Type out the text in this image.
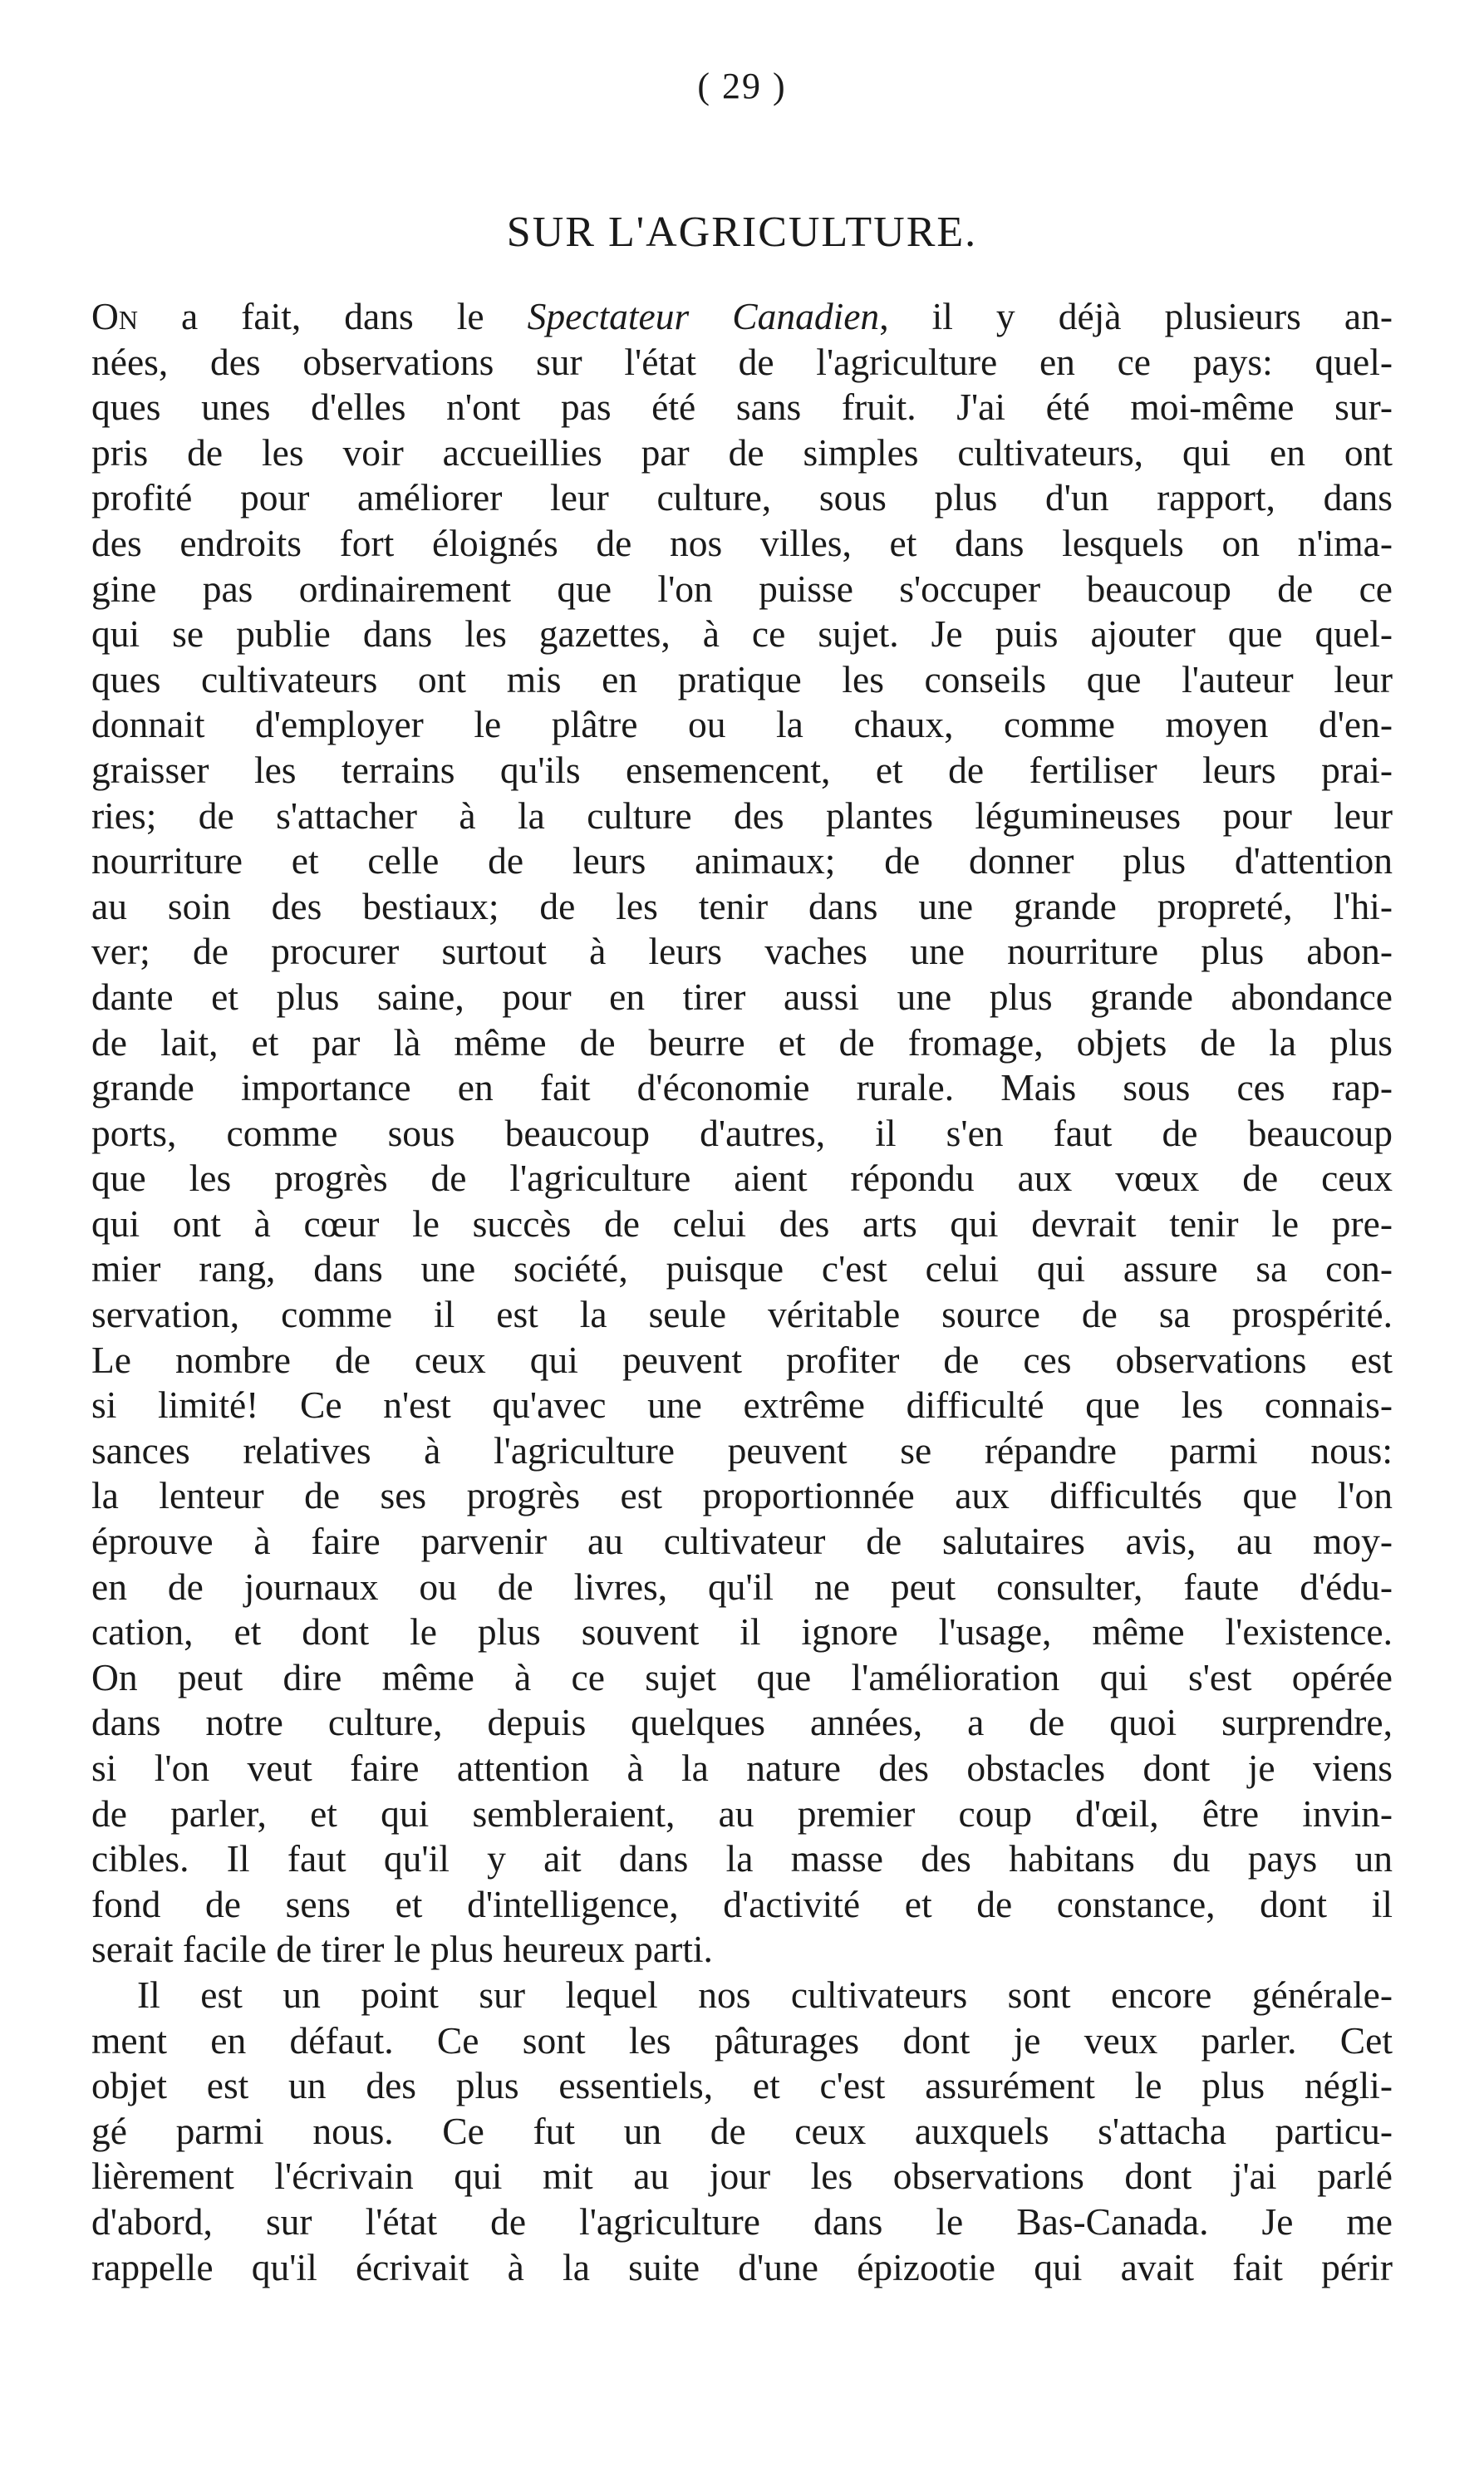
( 29 )
SUR L'AGRICULTURE.
On a fait, dans le Spectateur Canadien, il y déjà plusieurs an-
nées, des observations sur l'état de l'agriculture en ce pays: quel-
ques unes d'elles n'ont pas été sans fruit. J'ai été moi-même sur-
pris de les voir accueillies par de simples cultivateurs, qui en ont
profité pour améliorer leur culture, sous plus d'un rapport, dans
des endroits fort éloignés de nos villes, et dans lesquels on n'ima-
gine pas ordinairement que l'on puisse s'occuper beaucoup de ce
qui se publie dans les gazettes, à ce sujet. Je puis ajouter que quel-
ques cultivateurs ont mis en pratique les conseils que l'auteur leur
donnait d'employer le plâtre ou la chaux, comme moyen d'en-
graisser les terrains qu'ils ensemencent, et de fertiliser leurs prai-
ries; de s'attacher à la culture des plantes légumineuses pour leur
nourriture et celle de leurs animaux; de donner plus d'attention
au soin des bestiaux; de les tenir dans une grande propreté, l'hi-
ver; de procurer surtout à leurs vaches une nourriture plus abon-
dante et plus saine, pour en tirer aussi une plus grande abondance
de lait, et par là même de beurre et de fromage, objets de la plus
grande importance en fait d'économie rurale. Mais sous ces rap-
ports, comme sous beaucoup d'autres, il s'en faut de beaucoup
que les progrès de l'agriculture aient répondu aux vœux de ceux
qui ont à cœur le succès de celui des arts qui devrait tenir le pre-
mier rang, dans une société, puisque c'est celui qui assure sa con-
servation, comme il est la seule véritable source de sa prospérité.
Le nombre de ceux qui peuvent profiter de ces observations est
si limité! Ce n'est qu'avec une extrême difficulté que les connais-
sances relatives à l'agriculture peuvent se répandre parmi nous:
la lenteur de ses progrès est proportionnée aux difficultés que l'on
éprouve à faire parvenir au cultivateur de salutaires avis, au moy-
en de journaux ou de livres, qu'il ne peut consulter, faute d'édu-
cation, et dont le plus souvent il ignore l'usage, même l'existence.
On peut dire même à ce sujet que l'amélioration qui s'est opérée
dans notre culture, depuis quelques années, a de quoi surprendre,
si l'on veut faire attention à la nature des obstacles dont je viens
de parler, et qui sembleraient, au premier coup d'œil, être invin-
cibles. Il faut qu'il y ait dans la masse des habitans du pays un
fond de sens et d'intelligence, d'activité et de constance, dont il
serait facile de tirer le plus heureux parti.
Il est un point sur lequel nos cultivateurs sont encore générale-
ment en défaut. Ce sont les pâturages dont je veux parler. Cet
objet est un des plus essentiels, et c'est assurément le plus négli-
gé parmi nous. Ce fut un de ceux auxquels s'attacha particu-
lièrement l'écrivain qui mit au jour les observations dont j'ai parlé
d'abord, sur l'état de l'agriculture dans le Bas-Canada. Je me
rappelle qu'il écrivait à la suite d'une épizootie qui avait fait périr
